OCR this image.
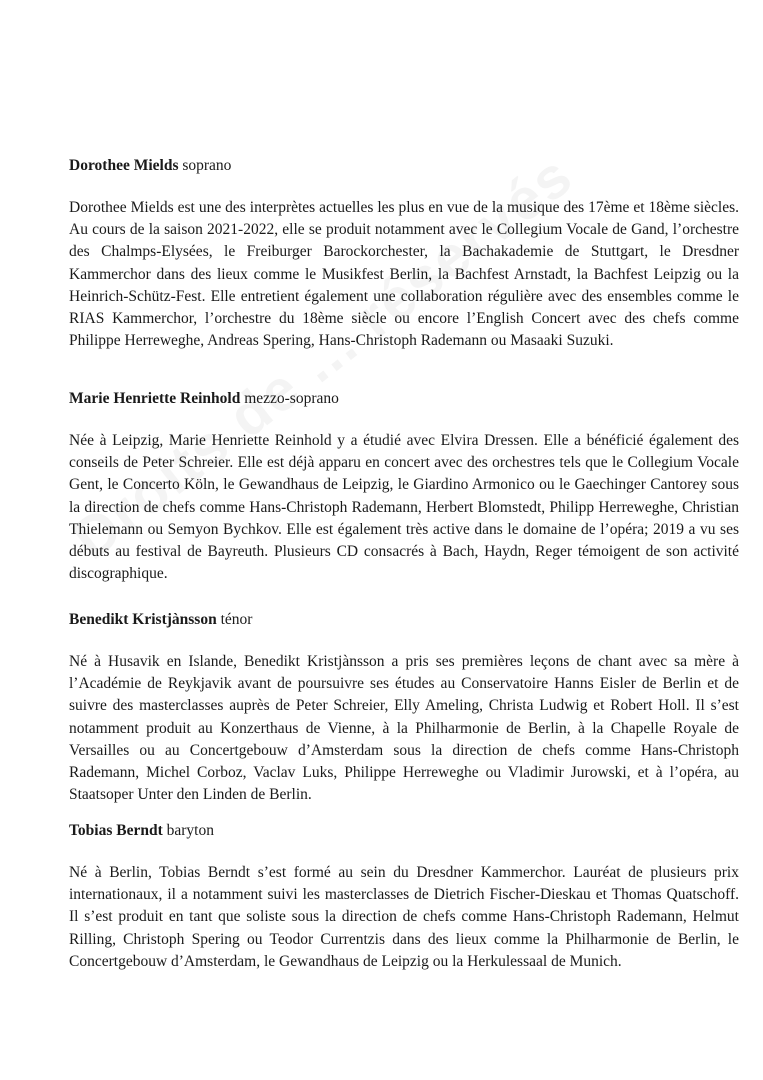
Dorothee Mields soprano

Dorothee Mields est une des interprètes actuelles les plus en vue de la musique des 17ème et 18ème siècles. Au cours de la saison 2021-2022, elle se produit notamment avec le Collegium Vocale de Gand, l’orchestre des Chalmps-Elysées, le Freiburger Barockorchester, la Bachakademie de Stuttgart, le Dresdner Kammerchor dans des lieux comme le Musikfest Berlin, la Bachfest Arnstadt, la Bachfest Leipzig ou la Heinrich-Schütz-Fest. Elle entretient également une collaboration régulière avec des ensembles comme le RIAS Kammerchor, l’orchestre du 18ème siècle ou encore l’English Concert avec des chefs comme Philippe Herreweghe, Andreas Spering, Hans-Christoph Rademann ou Masaaki Suzuki.

Marie Henriette Reinhold mezzo-soprano

Née à Leipzig, Marie Henriette Reinhold y a étudié avec Elvira Dressen. Elle a bénéficié également des conseils de Peter Schreier. Elle est déjà apparu en concert avec des orchestres tels que le Collegium Vocale Gent, le Concerto Köln, le Gewandhaus de Leipzig, le Giardino Armonico ou le Gaechinger Cantorey sous la direction de chefs comme Hans-Christoph Rademann, Herbert Blomstedt, Philipp Herreweghe, Christian Thielemann ou Semyon Bychkov. Elle est également très active dans le domaine de l’opéra; 2019 a vu ses débuts au festival de Bayreuth. Plusieurs CD consacrés à Bach, Haydn, Reger témoigent de son activité discographique.

Benedikt Kristjànsson ténor

Né à Husavik en Islande, Benedikt Kristjànsson a pris ses premières leçons de chant avec sa mère à l’Académie de Reykjavik avant de poursuivre ses études au Conservatoire Hanns Eisler de Berlin et de suivre des masterclasses auprès de Peter Schreier, Elly Ameling, Christa Ludwig et Robert Holl. Il s’est notamment produit au Konzerthaus de Vienne, à la Philharmonie de Berlin, à la Chapelle Royale de Versailles ou au Concertgebouw d’Amsterdam sous la direction de chefs comme Hans-Christoph Rademann, Michel Corboz, Vaclav Luks, Philippe Herreweghe ou Vladimir Jurowski, et à l’opéra, au Staatsoper Unter den Linden de Berlin.

Tobias Berndt baryton

Né à Berlin, Tobias Berndt s’est formé au sein du Dresdner Kammerchor. Lauréat de plusieurs prix internationaux, il a notamment suivi les masterclasses de Dietrich Fischer-Dieskau et Thomas Quatschoff. Il s’est produit en tant que soliste sous la direction de chefs comme Hans-Christoph Rademann, Helmut Rilling, Christoph Spering ou Teodor Currentzis dans des lieux comme la Philharmonie de Berlin, le Concertgebouw d’Amsterdam, le Gewandhaus de Leipzig ou la Herkulessaal de Munich.
